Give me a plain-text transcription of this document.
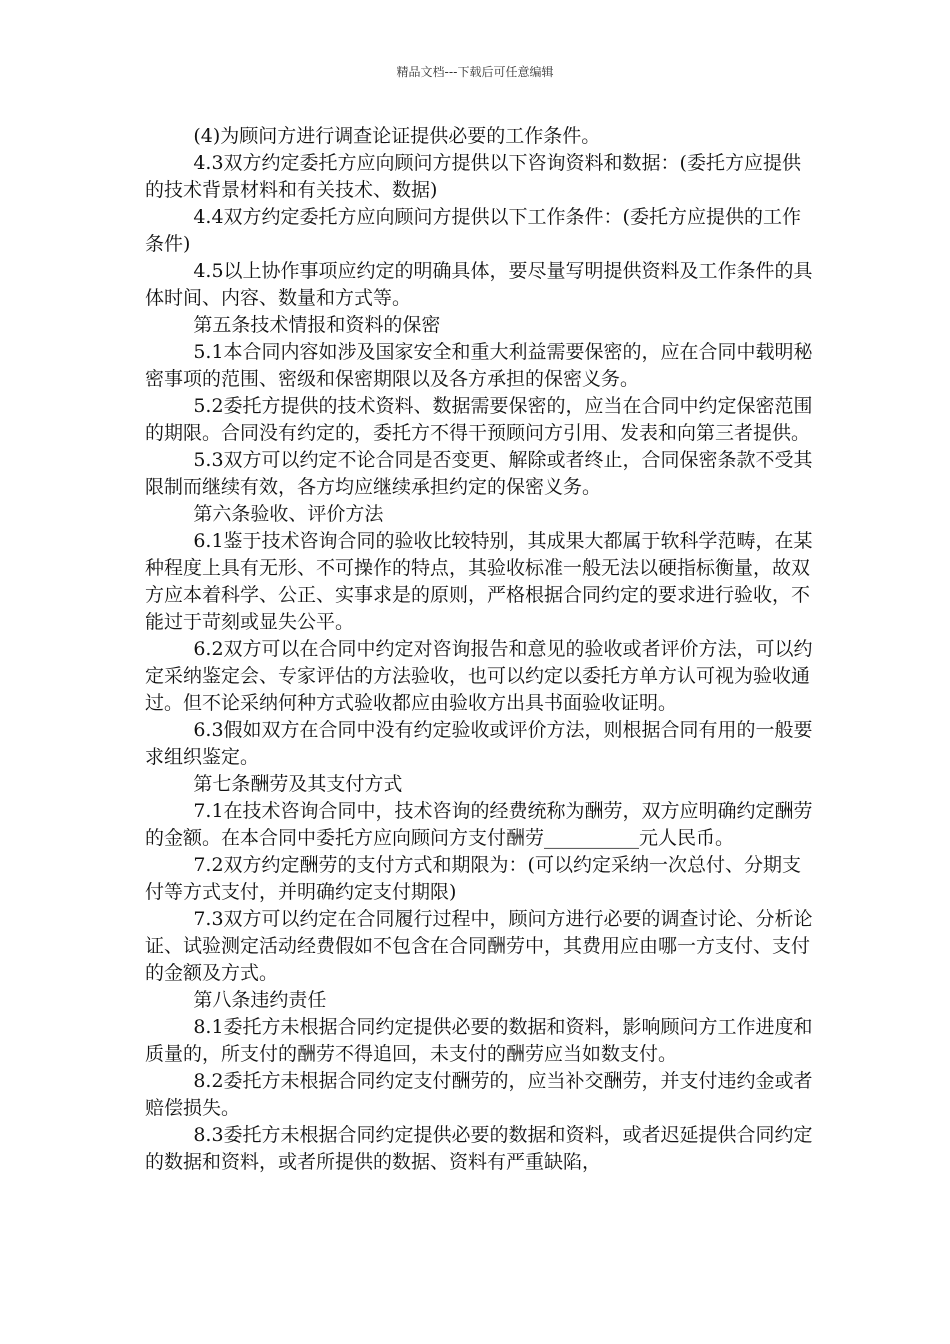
精品文档---下载后可任意编辑

(4)为顾问方进行调查论证提供必要的工作条件。

4.3双方约定委托方应向顾问方提供以下咨询资料和数据：(委托方应提供的技术背景材料和有关技术、数据)

4.4双方约定委托方应向顾问方提供以下工作条件：(委托方应提供的工作条件)

4.5以上协作事项应约定的明确具体，要尽量写明提供资料及工作条件的具体时间、内容、数量和方式等。

第五条技术情报和资料的保密

5.1本合同内容如涉及国家安全和重大利益需要保密的，应在合同中载明秘密事项的范围、密级和保密期限以及各方承担的保密义务。

5.2委托方提供的技术资料、数据需要保密的，应当在合同中约定保密范围的期限。合同没有约定的，委托方不得干预顾问方引用、发表和向第三者提供。

5.3双方可以约定不论合同是否变更、解除或者终止，合同保密条款不受其限制而继续有效，各方均应继续承担约定的保密义务。

第六条验收、评价方法

6.1鉴于技术咨询合同的验收比较特别，其成果大都属于软科学范畴，在某种程度上具有无形、不可操作的特点，其验收标准一般无法以硬指标衡量，故双方应本着科学、公正、实事求是的原则，严格根据合同约定的要求进行验收，不能过于苛刻或显失公平。

6.2双方可以在合同中约定对咨询报告和意见的验收或者评价方法，可以约定采纳鉴定会、专家评估的方法验收，也可以约定以委托方单方认可视为验收通过。但不论采纳何种方式验收都应由验收方出具书面验收证明。

6.3假如双方在合同中没有约定验收或评价方法，则根据合同有用的一般要求组织鉴定。

第七条酬劳及其支付方式

7.1在技术咨询合同中，技术咨询的经费统称为酬劳，双方应明确约定酬劳的金额。在本合同中委托方应向顾问方支付酬劳__________元人民币。

7.2双方约定酬劳的支付方式和期限为：(可以约定采纳一次总付、分期支付等方式支付，并明确约定支付期限)

7.3双方可以约定在合同履行过程中，顾问方进行必要的调查讨论、分析论证、试验测定活动经费假如不包含在合同酬劳中，其费用应由哪一方支付、支付的金额及方式。

第八条违约责任

8.1委托方未根据合同约定提供必要的数据和资料，影响顾问方工作进度和质量的，所支付的酬劳不得追回，未支付的酬劳应当如数支付。

8.2委托方未根据合同约定支付酬劳的，应当补交酬劳，并支付违约金或者赔偿损失。

8.3委托方未根据合同约定提供必要的数据和资料，或者迟延提供合同约定的数据和资料，或者所提供的数据、资料有严重缺陷，
